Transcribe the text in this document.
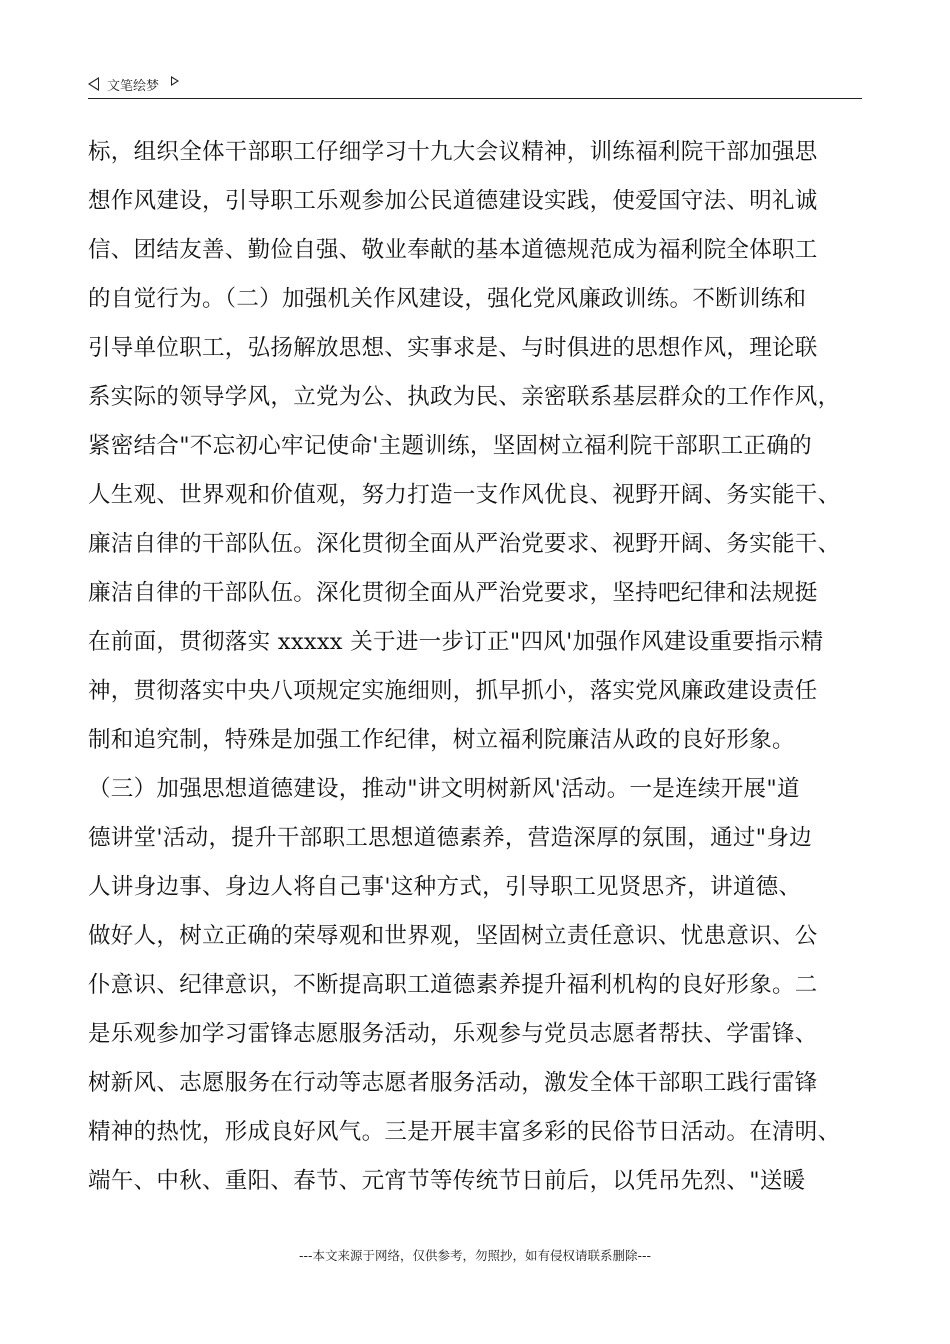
文笔绘梦
标，组织全体干部职工仔细学习十九大会议精神，训练福利院干部加强思
想作风建设，引导职工乐观参加公民道德建设实践，使爱国守法、明礼诚
信、团结友善、勤俭自强、敬业奉献的基本道德规范成为福利院全体职工
的自觉行为。（二）加强机关作风建设，强化党风廉政训练。不断训练和
引导单位职工，弘扬解放思想、实事求是、与时俱进的思想作风，理论联
系实际的领导学风，立党为公、执政为民、亲密联系基层群众的工作作风，
紧密结合"不忘初心牢记使命'主题训练，坚固树立福利院干部职工正确的
人生观、世界观和价值观，努力打造一支作风优良、视野开阔、务实能干、
廉洁自律的干部队伍。深化贯彻全面从严治党要求、视野开阔、务实能干、
廉洁自律的干部队伍。深化贯彻全面从严治党要求，坚持吧纪律和法规挺
在前面，贯彻落实 xxxxx 关于进一步订正"四风'加强作风建设重要指示精
神，贯彻落实中央八项规定实施细则，抓早抓小，落实党风廉政建设责任
制和追究制，特殊是加强工作纪律，树立福利院廉洁从政的良好形象。
（三）加强思想道德建设，推动"讲文明树新风'活动。一是连续开展"道
德讲堂'活动，提升干部职工思想道德素养，营造深厚的氛围，通过"身边
人讲身边事、身边人将自己事'这种方式，引导职工见贤思齐，讲道德、
做好人，树立正确的荣辱观和世界观，坚固树立责任意识、忧患意识、公
仆意识、纪律意识，不断提高职工道德素养提升福利机构的良好形象。二
是乐观参加学习雷锋志愿服务活动，乐观参与党员志愿者帮扶、学雷锋、
树新风、志愿服务在行动等志愿者服务活动，激发全体干部职工践行雷锋
精神的热忱，形成良好风气。三是开展丰富多彩的民俗节日活动。在清明、
端午、中秋、重阳、春节、元宵节等传统节日前后，以凭吊先烈、"送暖
---本文来源于网络，仅供参考，勿照抄，如有侵权请联系删除---
